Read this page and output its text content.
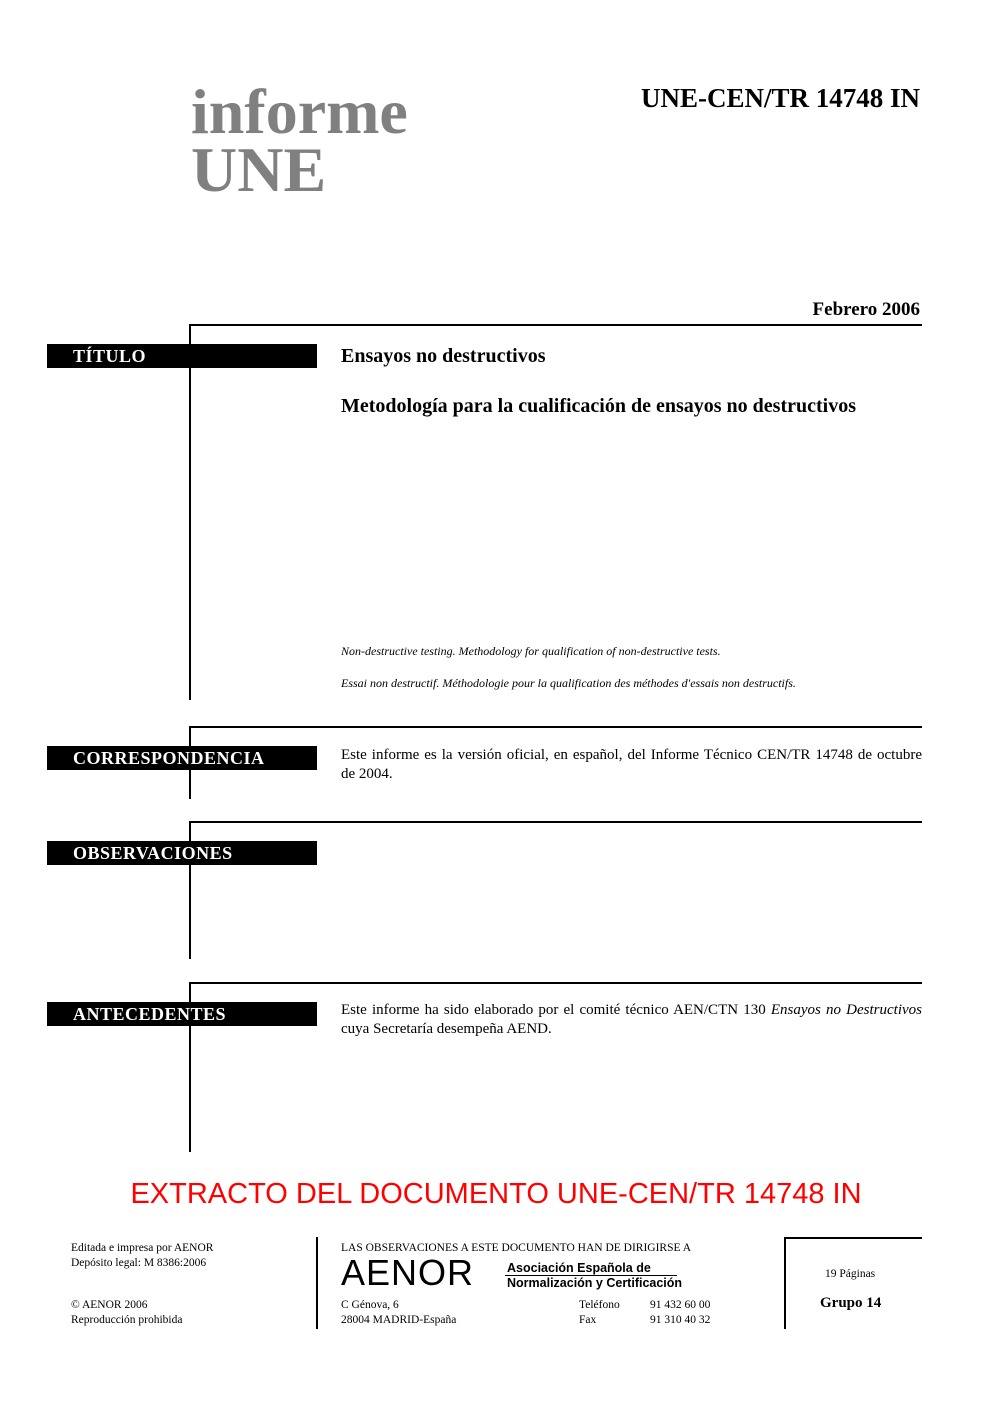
informe
UNE
UNE-CEN/TR 14748 IN
Febrero 2006
TÍTULO	Ensayos no destructivos
Metodología para la cualificación de ensayos no destructivos
Non-destructive testing. Methodology for qualification of non-destructive tests.
Essai non destructif. Méthodologie pour la qualification des méthodes d'essais non destructifs.
CORRESPONDENCIA	Este informe es la versión oficial, en español, del Informe Técnico CEN/TR 14748 de octubre de 2004.
OBSERVACIONES
ANTECEDENTES	Este informe ha sido elaborado por el comité técnico AEN/CTN 130 Ensayos no Destructivos cuya Secretaría desempeña AEND.
EXTRACTO DEL DOCUMENTO UNE-CEN/TR 14748 IN
Editada e impresa por AENOR
Depósito legal: M 8386:2006
© AENOR 2006
Reproducción prohibida
LAS OBSERVACIONES A ESTE DOCUMENTO HAN DE DIRIGIRSE A
AENOR	Asociación Española de
Normalización y Certificación
C Génova, 6
28004 MADRID-España
Teléfono	91 432 60 00
Fax	91 310 40 32
19 Páginas
Grupo 14
